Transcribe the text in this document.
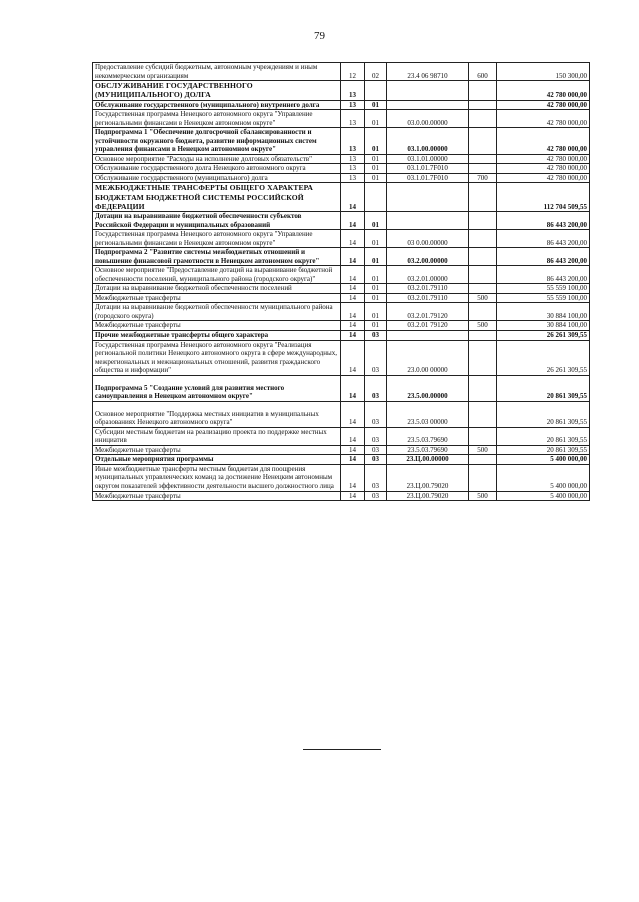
79
Предоставление субсидий бюджетным, автономным учреждениям и иным некоммерческим организациям	12	02	23.4 06 98710	600	150 300,00
ОБСЛУЖИВАНИЕ ГОСУДАРСТВЕННОГО (МУНИЦИПАЛЬНОГО) ДОЛГА	13				42 780 000,00
Обслуживание государственного (муниципального) внутреннего долга	13	01			42 780 000,00
Государственная программа Ненецкого автономного округа "Управление региональными финансами в Ненецком автономном округе"	13	01	03.0.00.00000		42 780 000,00
Подпрограмма 1 "Обеспечение долгосрочной сбалансированности и устойчивости окружного бюджета, развитие информационных систем управления финансами в Ненецком автономном округе"	13	01	03.1.00.00000		42 780 000,00
Основное мероприятие "Расходы на исполнение долговых обязательств"	13	01	03.1.01.00000		42 780 000,00
Обслуживание государственного долга Ненецкого автономного округа	13	01	03.1.01.7F010		42 780 000,00
Обслуживание государственного (муниципального) долга	13	01	03.1.01.7F010	700	42 780 000,00
МЕЖБЮДЖЕТНЫЕ ТРАНСФЕРТЫ ОБЩЕГО ХАРАКТЕРА БЮДЖЕТАМ БЮДЖЕТНОЙ СИСТЕМЫ РОССИЙСКОЙ ФЕДЕРАЦИИ	14				112 704 509,55
Дотации на выравнивание бюджетной обеспеченности субъектов Российской Федерации и муниципальных образований	14	01			86 443 200,00
Государственная программа Ненецкого автономного округа "Управление региональными финансами в Ненецком автономном округе"	14	01	03 0.00.00000		86 443 200,00
Подпрограмма 2 "Развитие системы межбюджетных отношений и повышение финансовой грамотности в Ненецком автономном округе"	14	01	03.2.00.00000		86 443 200,00
Основное мероприятие "Предоставление дотаций на выравнивание бюджетной обеспеченности поселений, муниципального района (городского округа)"	14	01	03.2.01.00000		86 443 200,00
Дотации на выравнивание бюджетной обеспеченности поселений	14	01	03.2.01.79110		55 559 100,00
Межбюджетные трансферты	14	01	03.2.01.79110	500	55 559 100,00
Дотации на выравнивание бюджетной обеспеченности муниципального района (городского округа)	14	01	03.2.01.79120		30 884 100,00
Межбюджетные трансферты	14	01	03.2.01 79120	500	30 884 100,00
Прочие межбюджетные трансферты общего характера	14	03			26 261 309,55
Государственная программа Ненецкого автономного округа "Реализация региональной политики Ненецкого автономного округа в сфере международных, межрегиональных и межнациональных отношений, развития гражданского общества и информации"	14	03	23.0.00 00000		26 261 309,55
Подпрограмма 5 "Создание условий для развития местного самоуправления в Ненецком автономном округе"	14	03	23.5.00.00000		20 861 309,55
Основное мероприятие "Поддержка местных инициатив в муниципальных образованиях Ненецкого автономного округа"	14	03	23.5.03 00000		20 861 309,55
Субсидии местным бюджетам на реализацию проекта по поддержке местных инициатив	14	03	23.5.03.79690		20 861 309,55
Межбюджетные трансферты	14	03	23.5.03.79690	500	20 861 309,55
Отдельные мероприятия программы	14	03	23.Ц.00.00000		5 400 000,00
Иные межбюджетные трансферты местным бюджетам для поощрения муниципальных управленческих команд за достижение Ненецким автономным округом показателей эффективности деятельности высшего должностного лица	14	03	23.Ц.00.79020		5 400 000,00
Межбюджетные трансферты	14	03	23.Ц.00.79020	500	5 400 000,00
